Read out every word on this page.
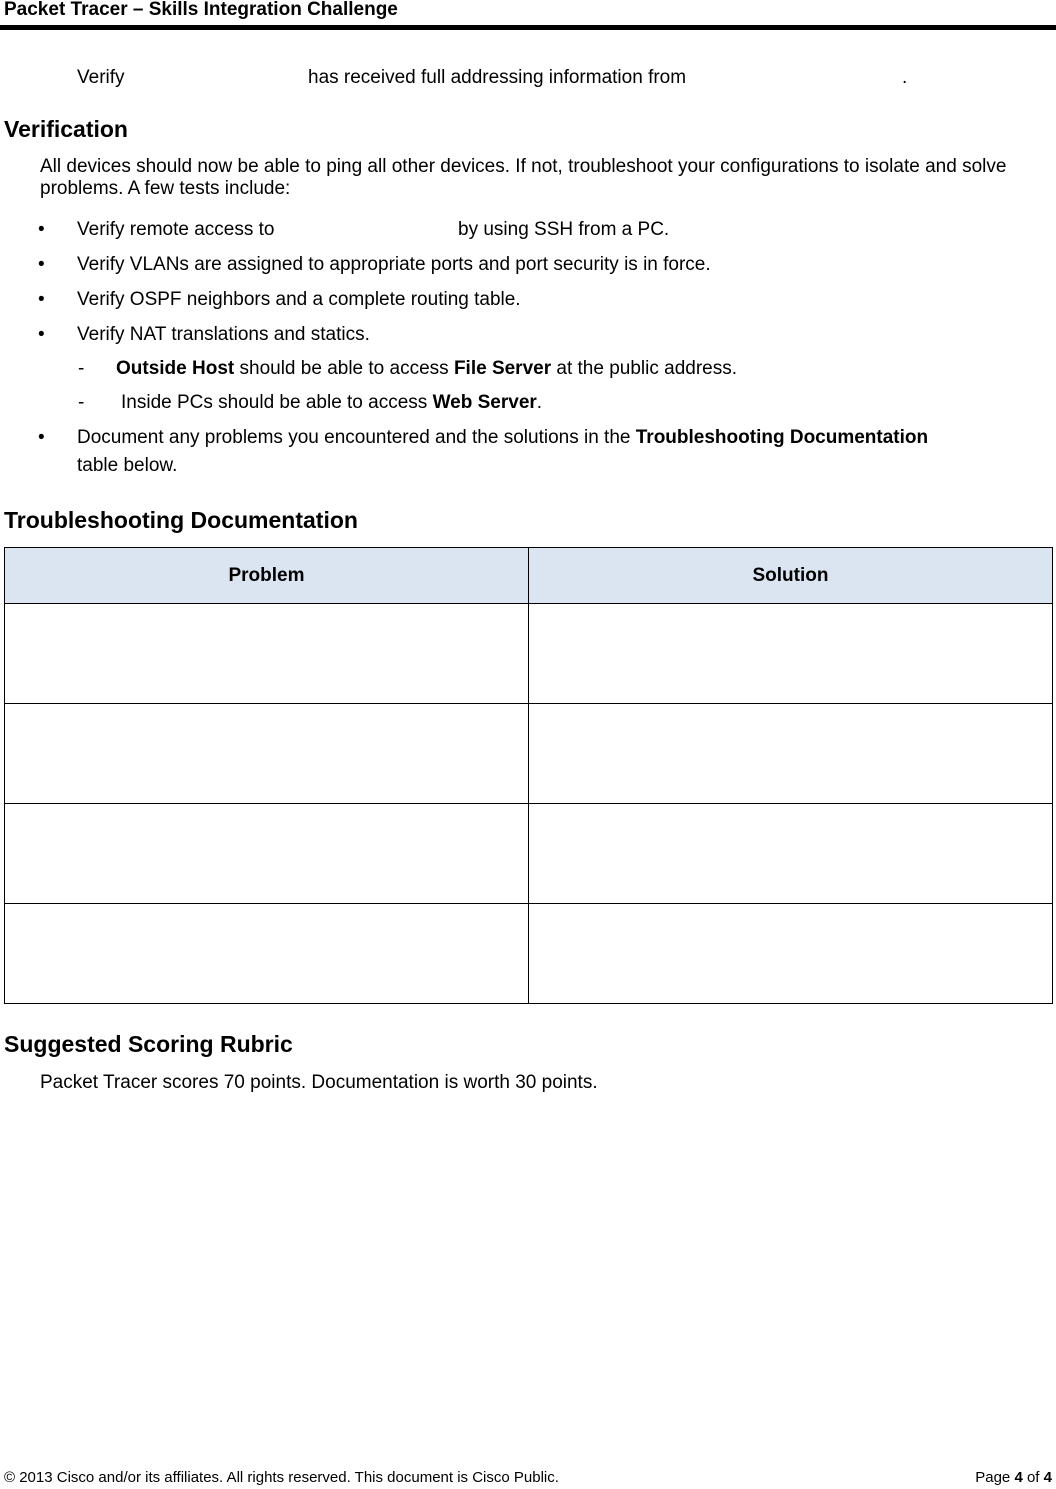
Packet Tracer – Skills Integration Challenge
Verify	has received full addressing information from	.
Verification
All devices should now be able to ping all other devices. If not, troubleshoot your configurations to isolate and solve problems. A few tests include:
• Verify remote access to	by using SSH from a PC.
• Verify VLANs are assigned to appropriate ports and port security is in force.
• Verify OSPF neighbors and a complete routing table.
• Verify NAT translations and statics.
- Outside Host should be able to access File Server at the public address.
- Inside PCs should be able to access Web Server.
• Document any problems you encountered and the solutions in the Troubleshooting Documentation
table below.
Troubleshooting Documentation
Problem	Solution

Suggested Scoring Rubric
Packet Tracer scores 70 points. Documentation is worth 30 points.
© 2013 Cisco and/or its affiliates. All rights reserved. This document is Cisco Public.	Page 4 of 4
